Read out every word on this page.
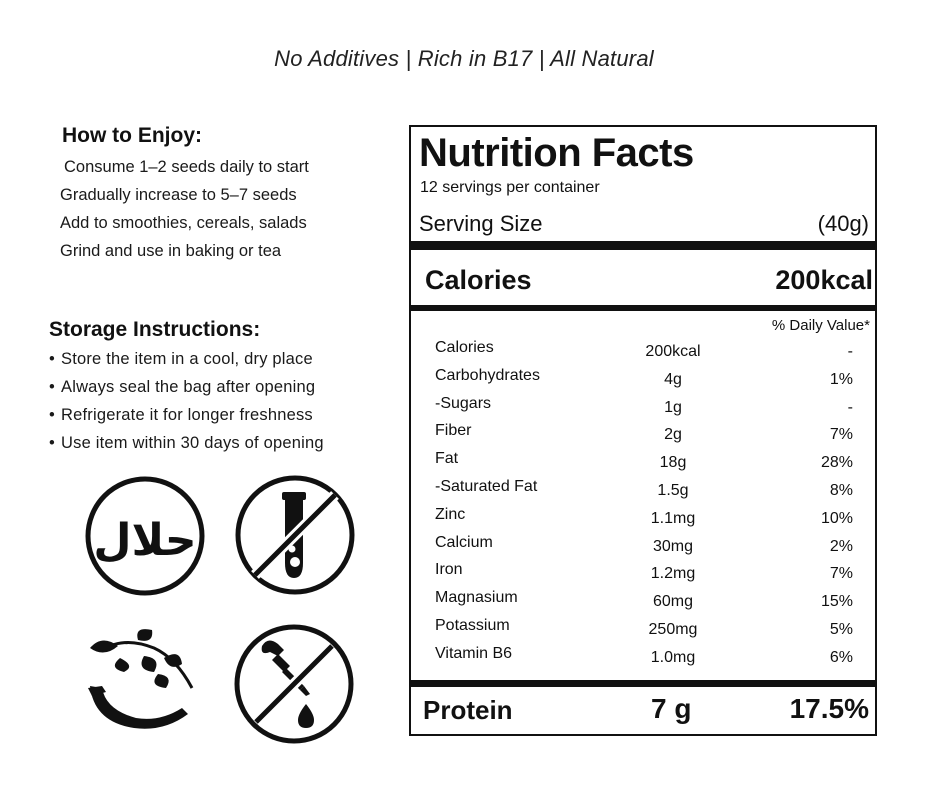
No Additives | Rich in B17 | All Natural
How to Enjoy:
Consume 1–2 seeds daily to start
Gradually increase to 5–7 seeds
Add to smoothies, cereals, salads
Grind and use in baking or tea
Storage Instructions:
• Store the item in a cool, dry place
• Always seal the bag after opening
• Refrigerate it for longer freshness
• Use item within 30 days of opening
حلال
Nutrition Facts
12 servings per container
Serving Size	(40g)
Calories	200kcal
% Daily Value*
Calories	200kcal	-
Carbohydrates	4g	1%
-Sugars	1g	-
Fiber	2g	7%
Fat	18g	28%
-Saturated Fat	1.5g	8%
Zinc	1.1mg	10%
Calcium	30mg	2%
Iron	1.2mg	7%
Magnasium	60mg	15%
Potassium	250mg	5%
Vitamin B6	1.0mg	6%
Protein	7 g	17.5%
